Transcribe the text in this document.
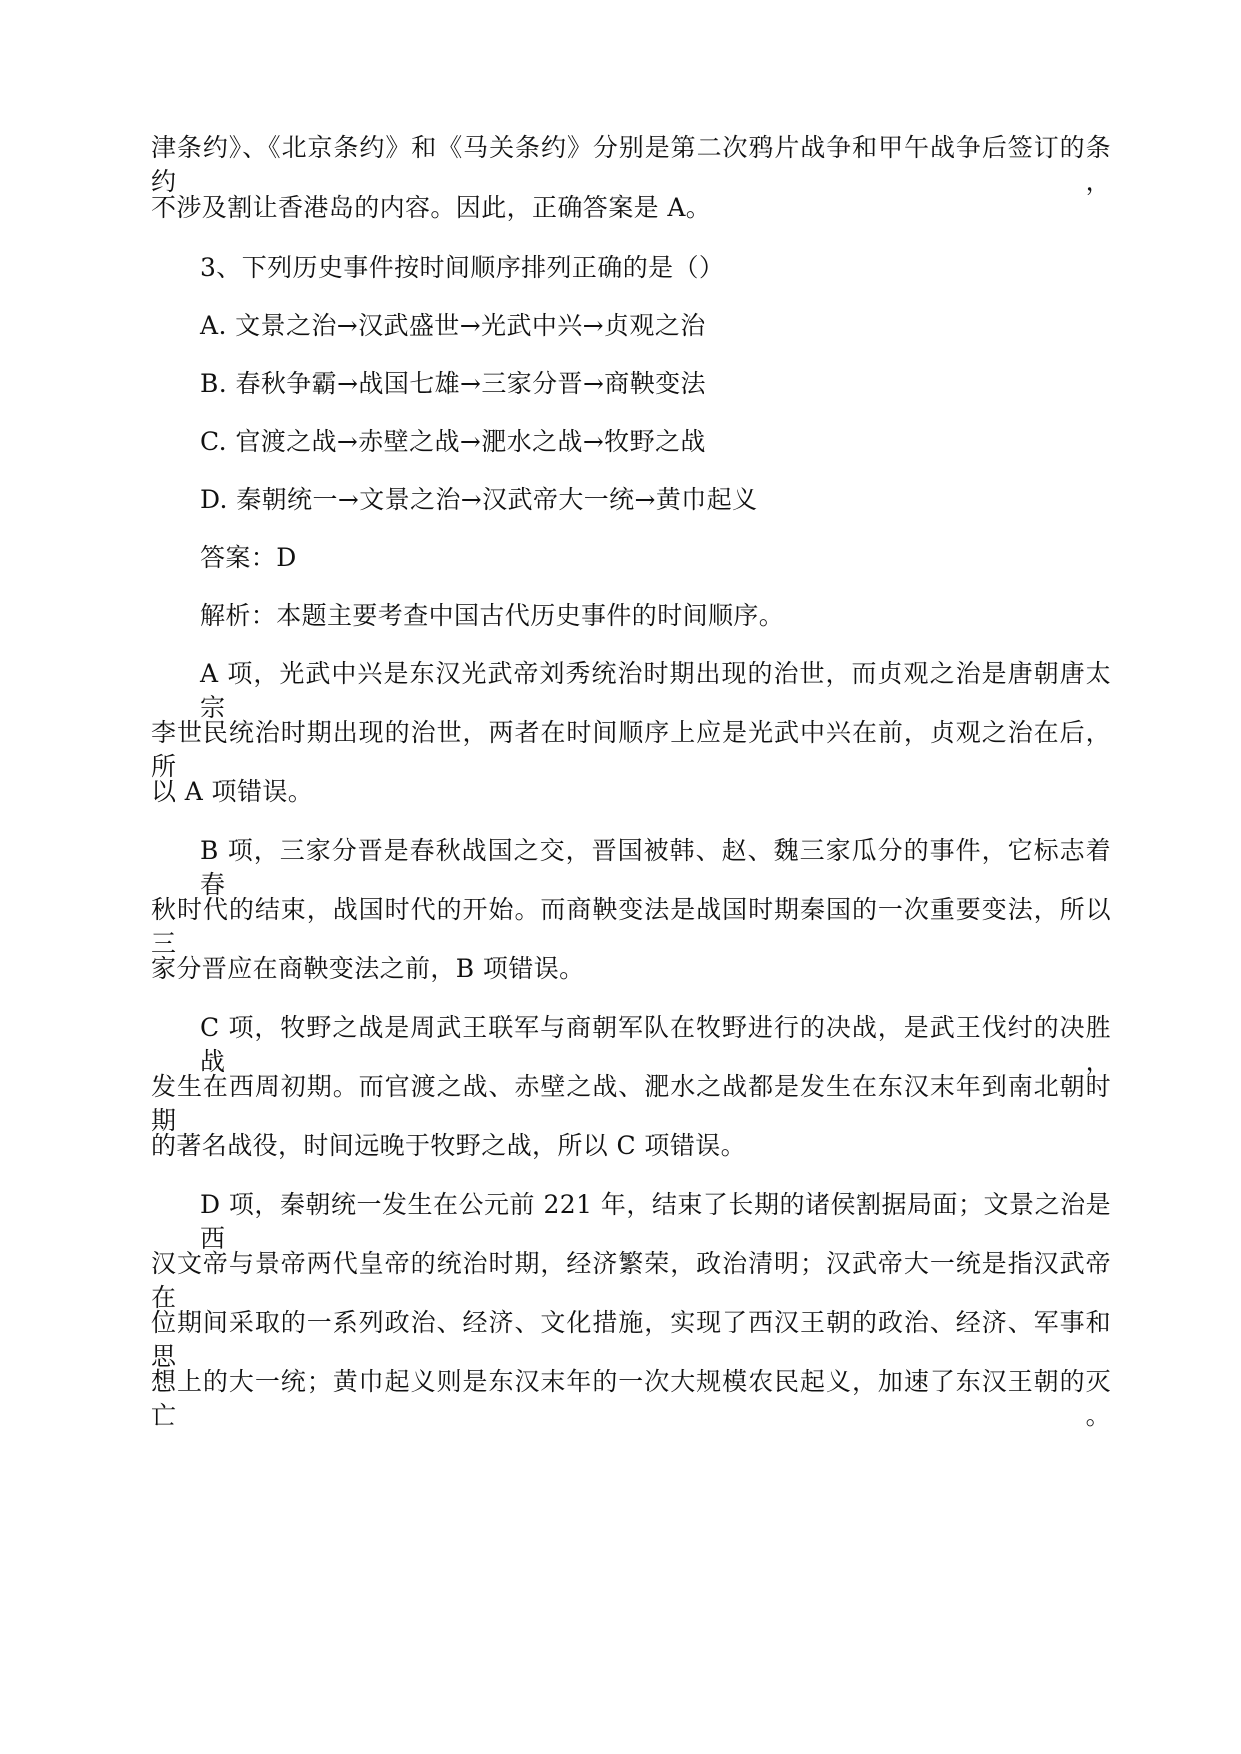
津条约》、《北京条约》和《马关条约》分别是第二次鸦片战争和甲午战争后签订的条约，
不涉及割让香港岛的内容。因此，正确答案是 A。
3、下列历史事件按时间顺序排列正确的是（）
A. 文景之治→汉武盛世→光武中兴→贞观之治
B. 春秋争霸→战国七雄→三家分晋→商鞅变法
C. 官渡之战→赤壁之战→淝水之战→牧野之战
D. 秦朝统一→文景之治→汉武帝大一统→黄巾起义
答案：D
解析：本题主要考查中国古代历史事件的时间顺序。
A 项，光武中兴是东汉光武帝刘秀统治时期出现的治世，而贞观之治是唐朝唐太宗
李世民统治时期出现的治世，两者在时间顺序上应是光武中兴在前，贞观之治在后，所
以 A 项错误。
B 项，三家分晋是春秋战国之交，晋国被韩、赵、魏三家瓜分的事件，它标志着春
秋时代的结束，战国时代的开始。而商鞅变法是战国时期秦国的一次重要变法，所以三
家分晋应在商鞅变法之前，B 项错误。
C 项，牧野之战是周武王联军与商朝军队在牧野进行的决战，是武王伐纣的决胜战，
发生在西周初期。而官渡之战、赤壁之战、淝水之战都是发生在东汉末年到南北朝时期
的著名战役，时间远晚于牧野之战，所以 C 项错误。
D 项，秦朝统一发生在公元前 221 年，结束了长期的诸侯割据局面；文景之治是西
汉文帝与景帝两代皇帝的统治时期，经济繁荣，政治清明；汉武帝大一统是指汉武帝在
位期间采取的一系列政治、经济、文化措施，实现了西汉王朝的政治、经济、军事和思
想上的大一统；黄巾起义则是东汉末年的一次大规模农民起义，加速了东汉王朝的灭亡。
